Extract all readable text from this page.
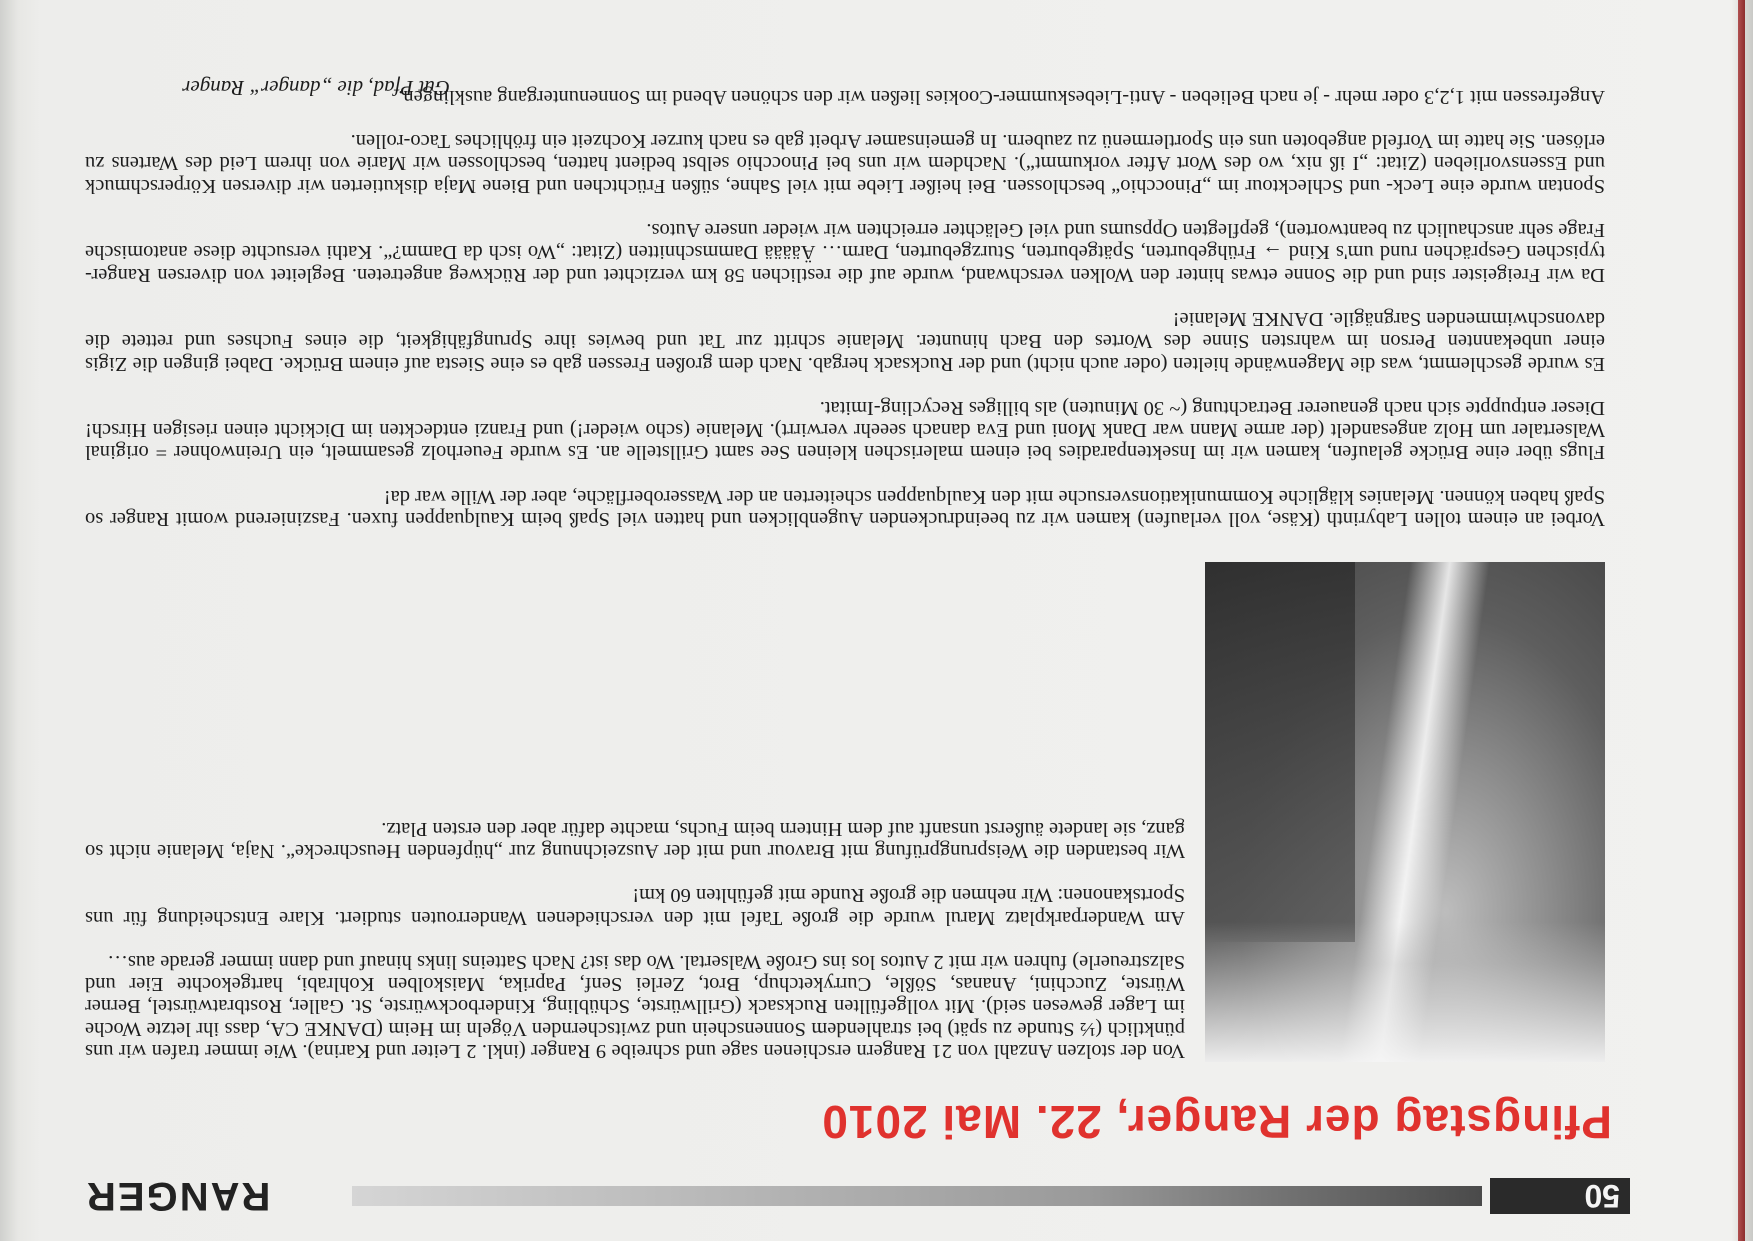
50
RANGER
Pfingstag der Ranger, 22. Mai 2010

Von der stolzen Anzahl von 21 Rangern erschienen sage und schreibe 9 Ranger (inkl. 2 Leiter und Karina). Wie immer trafen wir uns pünktlich (½ Stunde zu spät) bei strahlendem Sonnenschein und zwitschernden Vögeln im Heim (DANKE CA, dass ihr letzte Woche im Lager gewesen seid). Mit vollgefüllten Rucksack (Grillwürste, Schübling, Kinderbockwürste, St. Galler, Rostbratwürstel, Berner Würste, Zucchini, Ananas, Sößle, Curryketchup, Brot, Zerlei Senf, Paprika, Maiskolben Kohlrabi, hartgekochte Eier und Salzstreuerle) fuhren wir mit 2 Autos los ins Große Walsertal. Wo das ist? Nach Satteins links hinauf und dann immer gerade aus…

Am Wanderparkplatz Marul wurde die große Tafel mit den verschiedenen Wanderrouten studiert. Klare Entscheidung für uns Sportskanonen: Wir nehmen die große Runde mit gefühlten 60 km!

Wir bestanden die Weisprungprüfung mit Bravour und mit der Auszeichnung zur „hüpfenden Heuschrecke“. Naja, Melanie nicht so ganz, sie landete äußerst unsanft auf dem Hintern beim Fuchs, machte dafür aber den ersten Platz.

Vorbei an einem tollen Labyrinth (Käse, voll verlaufen) kamen wir zu beeindruckenden Augenblicken und hatten viel Spaß beim Kaulquappen fuxen. Faszinierend womit Ranger so Spaß haben können. Melanies klägliche Kommunikationsversuche mit den Kaulquappen scheiterten an der Wasseroberfläche, aber der Wille war da!

Flugs über eine Brücke gelaufen, kamen wir im Insektenparadies bei einem malerischen kleinen See samt Grillstelle an. Es wurde Feuerholz gesammelt, ein Ureinwohner = original Walsertaler um Holz angesandelt (der arme Mann war Dank Moni und Eva danach seeehr verwirrt). Melanie (scho wieder!) und Franzi entdeckten im Dickicht einen riesigen Hirsch! Dieser entpuppte sich nach genauerer Betrachtung (~ 30 Minuten) als billiges Recycling-Imitat.

Es wurde geschlemmt, was die Magenwände hielten (oder auch nicht) und der Rucksack hergab. Nach dem großen Fressen gab es eine Siesta auf einem Brücke. Dabei gingen die Zigis einer unbekannten Person im wahrsten Sinne des Wortes den Bach hinunter. Melanie schritt zur Tat und bewies ihre Sprungfähigkeit, die eines Fuchses und rettete die davonschwimmenden Sargnägile. DANKE Melanie!

Da wir Freigeister sind und die Sonne etwas hinter den Wolken verschwand, wurde auf die restlichen 58 km verzichtet und der Rückweg angetreten. Begleitet von diversen Ranger-typischen Gesprächen rund um's Kind → Frühgeburten, Spätgeburten, Sturzgeburten, Darm… Äääää Dammschnitten (Zitat: „Wo isch da Damm?“. Kathi versuchte diese anatomische Frage sehr anschaulich zu beantworten), gepflegten Oppsums und viel Gelächter erreichten wir wieder unsere Autos.

Spontan wurde eine Leck- und Schlecktour im „Pinocchio“ beschlossen. Bei heißer Liebe mit viel Sahne, süßen Früchtchen und Biene Maja diskutierten wir diversen Körperschmuck und Essensvorlieben (Zitat: „I iß nix, wo des Wort After vorkummt“). Nachdem wir uns bei Pinocchio selbst bedient hatten, beschlossen wir Marie von ihrem Leid des Wartens zu erlösen. Sie hatte im Vorfeld angeboten uns ein Sportlermenü zu zaubern. In gemeinsamer Arbeit gab es nach kurzer Kochzeit ein fröhliches Taco-rollen.

Angefressen mit 1,2,3 oder mehr - je nach Belieben - Anti-Liebeskummer-Cookies ließen wir den schönen Abend im Sonnenuntergang ausklingen.

Gut Pfad, die „danger“ Ranger
